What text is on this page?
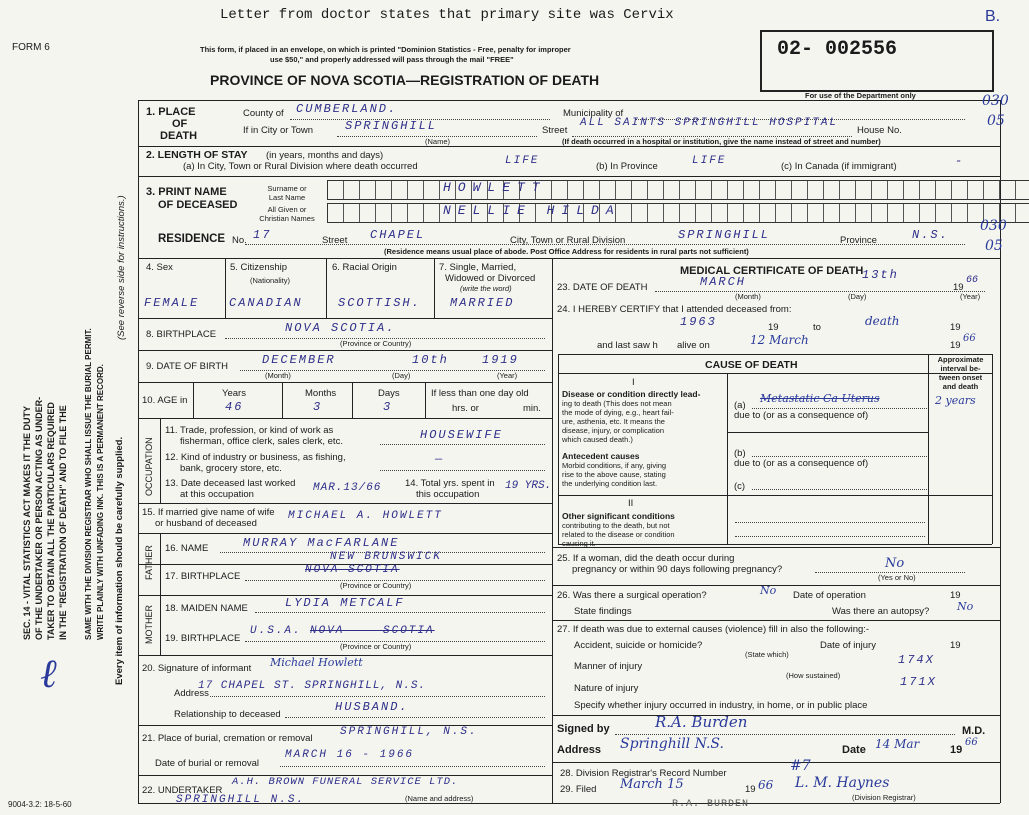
FORM 6
B.
Letter from doctor states that primary site was Cervix
This form, if placed in an envelope, on which is printed "Dominion Statistics - Free, penalty for improper
use $50," and properly addressed will pass through the mail "FREE"
PROVINCE OF NOVA SCOTIA—REGISTRATION OF DEATH
02- 002556
For use of the Department only	030
05
SEC. 14 - VITAL STATISTICS ACT MAKES IT THE DUTY OF THE UNDERTAKER OR PERSON ACTING AS UNDER- TAKER TO OBTAIN ALL THE PARTICULARS REQUIRED IN THE "REGISTRATION OF DEATH" AND TO FILE THE SAME WITH THE DIVISION REGISTRAR WHO SHALL ISSUE THE BURIAL PERMIT. WRITE PLAINLY WITH UNFADING INK. THIS IS A PERMANENT RECORD. Every item of information should be carefully supplied.
(See reverse side for instructions.)
ℓ
1. PLACE
OF
DEATH
County of CUMBERLAND.	Municipality of
If in City or Town	SPRINGHILL
(Name)
Street
ALL SAINTS SPRINGHILL HOSPITAL
House No.
(If death occurred in a hospital or institution, give the name instead of street and number)
2. LENGTH OF STAY (in years, months and days)
(a) In City, Town or Rural Division where death occurred	LIFE	(b) In Province	LIFE	(c) In Canada (if immigrant)	-
3. PRINT NAME
OF DECEASED
Surname or
Last Name
HOWLETT
All Given or
Christian Names
NELLIE HILDA
RESIDENCE No. 17	Street CHAPEL	City, Town or Rural Division	SPRINGHILL	Province	N.S.
030
05
(Residence means usual place of abode. Post Office Address for residents in rural parts not sufficient)
4. Sex
FEMALE
5. Citizenship
(Nationality)
CANADIAN
6. Racial Origin
SCOTTISH.
7. Single, Married,
Widowed or Divorced
(write the word)
MARRIED
8. BIRTHPLACE	NOVA SCOTIA.
(Province or Country)
9. DATE OF BIRTH	DECEMBER	10th	1919
(Month)	(Day)	(Year)
10. AGE in
Years
46
Months
3
Days
3
If less than one day old
hrs. or	min.
OCCUPATION
11. Trade, profession, or kind of work as
fisherman, office clerk, sales clerk, etc.	HOUSEWIFE
12. Kind of industry or business, as fishing,
bank, grocery store, etc.
—
13. Date deceased last worked
at this occupation
MAR.13/66 14. Total yrs. spent in
this occupation
19 YRS.
15. If married give name of wife
or husband of deceased
MICHAEL A. HOWLETT
FATHER 16. NAME	MURRAY MacFARLANE
17. BIRTHPLACE
NOVA SCOTIA
NEW BRUNSWICK
(Province or Country)
MOTHER 18. MAIDEN NAME	LYDIA METCALF
19. BIRTHPLACE
U.S.A. NOVA SCOTIA
(Province or Country)
20. Signature of informant Michael Howlett
Address
17 CHAPEL ST. SPRINGHILL, N.S.
Relationship to deceased
HUSBAND.
21. Place of burial, cremation or removal
SPRINGHILL, N.S.
Date of burial or removal
MARCH 16 - 1966
22. UNDERTAKER
A.H. BROWN FUNERAL SERVICE LTD.
SPRINGHILL N.S.	(Name and address)
MEDICAL CERTIFICATE OF DEATH
23. DATE OF DEATH	MARCH	13th
19
66
(Month)	(Day)	(Year)
24. I HEREBY CERTIFY that I attended deceased from:
1963	19	to	death	19
and last saw h alive on	12 March	19
66
CAUSE OF DEATH	Approximate
interval be-
tween onset
and death
I
Disease or condition directly lead-
ing to death (This does not mean
the mode of dying, e.g., heart fail-
ure, asthenia, etc. It means the
disease, injury, or complication
which caused death.)
(a)
Metastatic Ca Uterus	2 years
due to (or as a consequence of)
(b)
due to (or as a consequence of)
(c)
Antecedent causes
Morbid conditions, if any, giving
rise to the above cause, stating
the underlying condition last.
II
Other significant conditions
contributing to the death, but not
related to the disease or condition
causing it.
25. If a woman, did the death occur during
pregnancy or within 90 days following pregnancy?	No
(Yes or No)
26. Was there a surgical operation?	No Date of operation	19
State findings	Was there an autopsy?	No
27. If death was due to external causes (violence) fill in also the following:-
Accident, suicide or homicide?	Date of injury	19
(State which)
Manner of injury	174X
(How sustained)
Nature of injury	171X
Specify whether injury occurred in industry, in home, or in public place
Signed by	R.A. Burden	M.D.
Address Springhill N.S.	Date 14 Mar	19
66
28. Division Registrar's Record Number	#7
29. Filed March 15	19 66 L. M. Haynes
(Division Registrar)
R.A. BURDEN
9004-3.2: 18-5-60
